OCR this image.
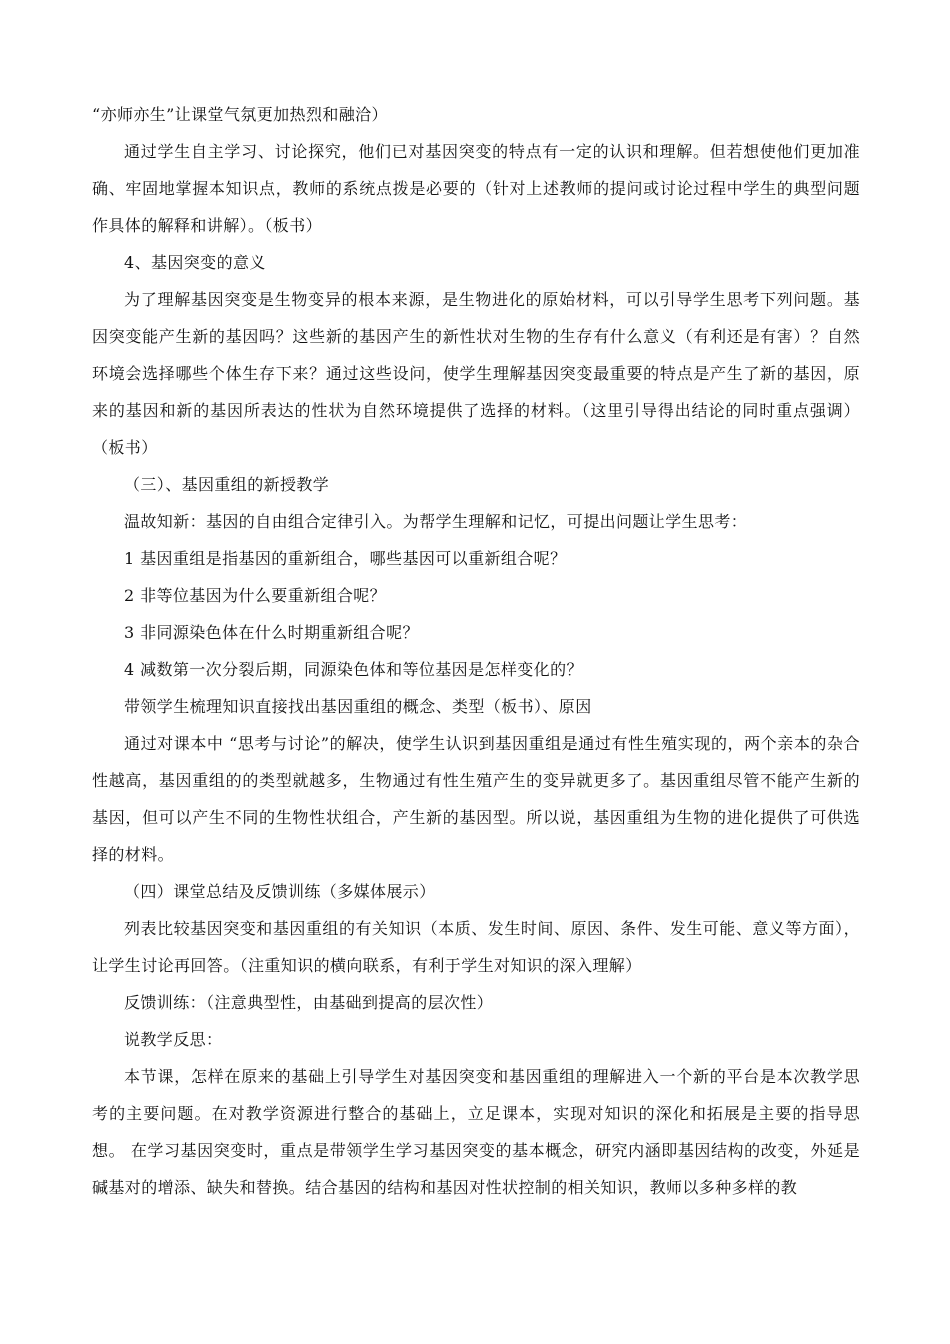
“亦师亦生”让课堂气氛更加热烈和融洽）

通过学生自主学习、讨论探究，他们已对基因突变的特点有一定的认识和理解。但若想使他们更加准确、牢固地掌握本知识点，教师的系统点拨是必要的（针对上述教师的提问或讨论过程中学生的典型问题作具体的解释和讲解）。（板书）

4、基因突变的意义

为了理解基因突变是生物变异的根本来源，是生物进化的原始材料，可以引导学生思考下列问题。基因突变能产生新的基因吗？这些新的基因产生的新性状对生物的生存有什么意义（有利还是有害）？自然环境会选择哪些个体生存下来？通过这些设问，使学生理解基因突变最重要的特点是产生了新的基因，原来的基因和新的基因所表达的性状为自然环境提供了选择的材料。（这里引导得出结论的同时重点强调）（板书）

（三）、基因重组的新授教学

温故知新：基因的自由组合定律引入。为帮学生理解和记忆，可提出问题让学生思考：

1 基因重组是指基因的重新组合，哪些基因可以重新组合呢？

2 非等位基因为什么要重新组合呢？

3 非同源染色体在什么时期重新组合呢？

4 减数第一次分裂后期，同源染色体和等位基因是怎样变化的？

带领学生梳理知识直接找出基因重组的概念、类型（板书）、原因

通过对课本中 “思考与讨论”的解决，使学生认识到基因重组是通过有性生殖实现的，两个亲本的杂合性越高，基因重组的的类型就越多，生物通过有性生殖产生的变异就更多了。基因重组尽管不能产生新的基因，但可以产生不同的生物性状组合，产生新的基因型。所以说，基因重组为生物的进化提供了可供选择的材料。

（四）课堂总结及反馈训练（多媒体展示）

列表比较基因突变和基因重组的有关知识（本质、发生时间、原因、条件、发生可能、意义等方面），让学生讨论再回答。（注重知识的横向联系，有利于学生对知识的深入理解）

反馈训练：（注意典型性，由基础到提高的层次性）

说教学反思：

本节课，怎样在原来的基础上引导学生对基因突变和基因重组的理解进入一个新的平台是本次教学思考的主要问题。在对教学资源进行整合的基础上，立足课本，实现对知识的深化和拓展是主要的指导思想。 在学习基因突变时，重点是带领学生学习基因突变的基本概念，研究内涵即基因结构的改变，外延是碱基对的增添、缺失和替换。结合基因的结构和基因对性状控制的相关知识，教师以多种多样的教
